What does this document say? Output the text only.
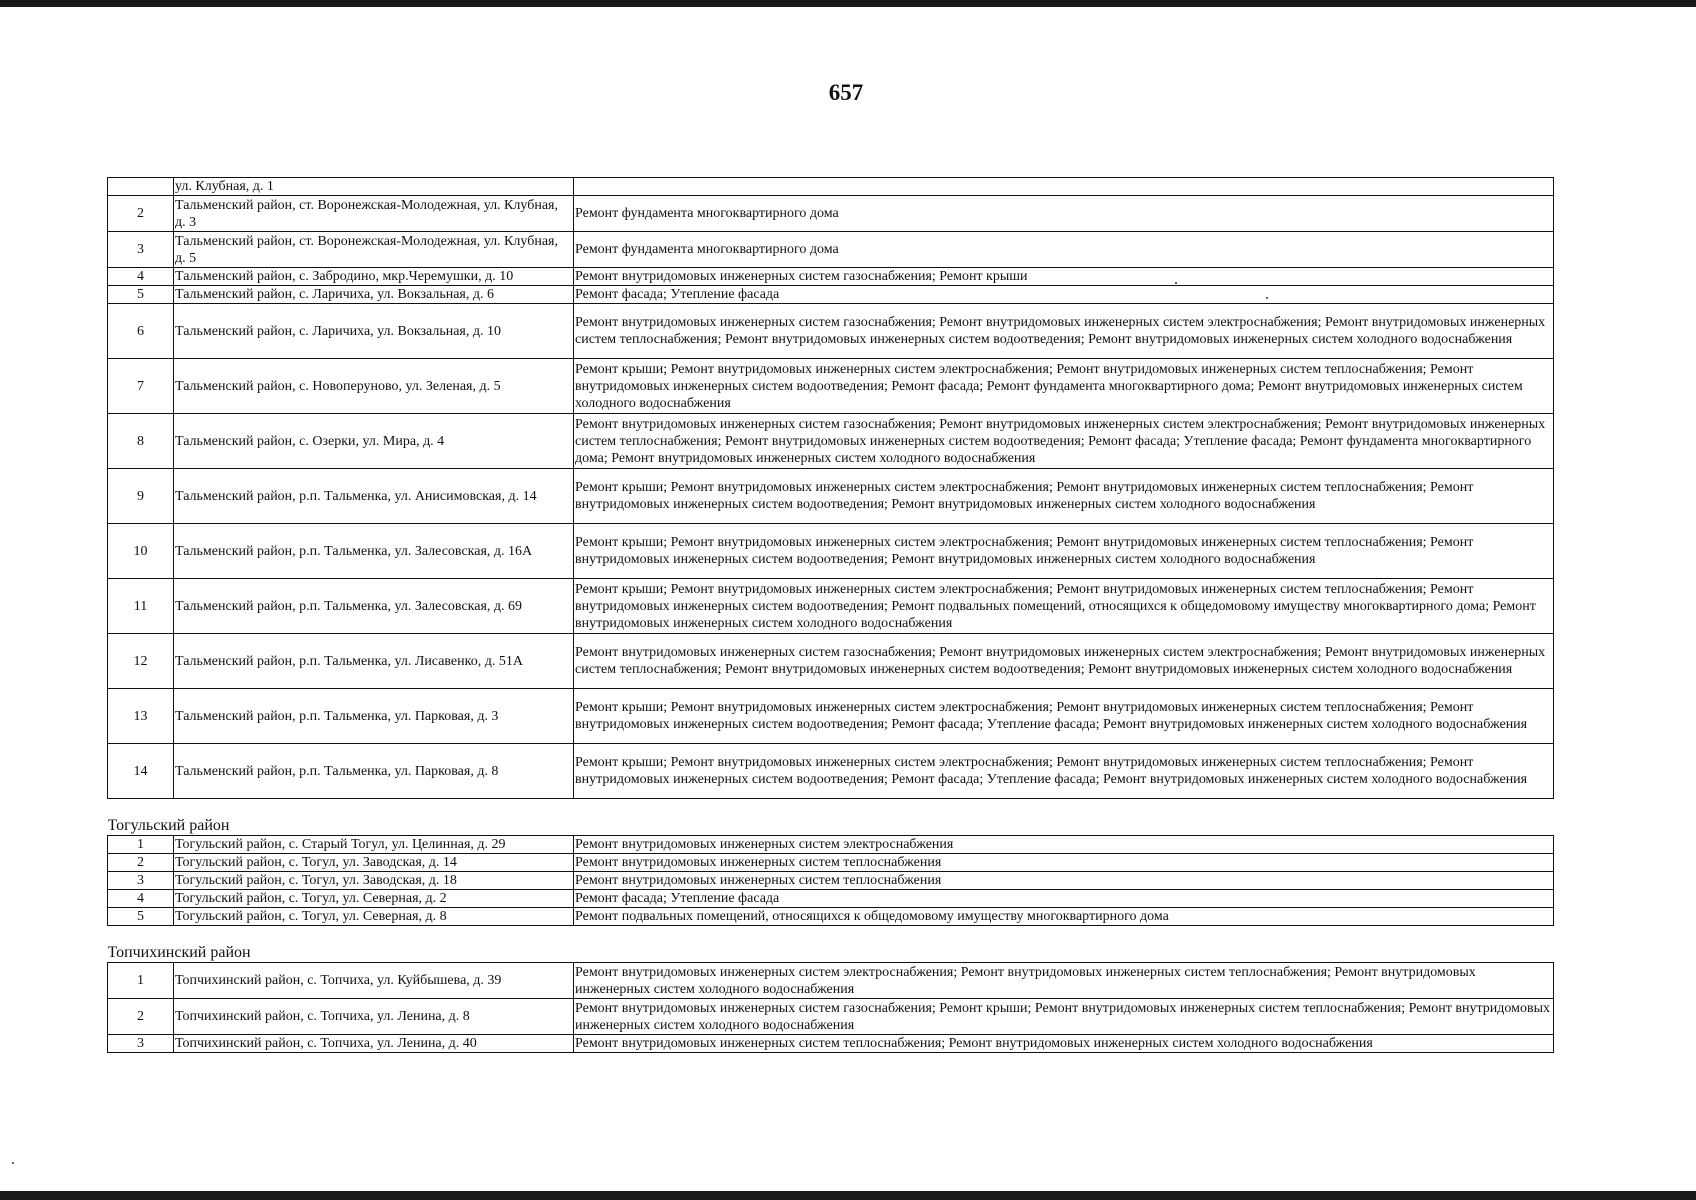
657
	ул. Клубная, д. 1	
2	Тальменский район, ст. Воронежская-Молодежная, ул. Клубная, д. 3	Ремонт фундамента многоквартирного дома
3	Тальменский район, ст. Воронежская-Молодежная, ул. Клубная, д. 5	Ремонт фундамента многоквартирного дома
4	Тальменский район, с. Забродино, мкр.Черемушки, д. 10	Ремонт внутридомовых инженерных систем газоснабжения; Ремонт крыши
5	Тальменский район, с. Ларичиха, ул. Вокзальная, д. 6	Ремонт фасада; Утепление фасада
6	Тальменский район, с. Ларичиха, ул. Вокзальная, д. 10	Ремонт внутридомовых инженерных систем газоснабжения; Ремонт внутридомовых инженерных систем электроснабжения; Ремонт внутридомовых инженерных систем теплоснабжения; Ремонт внутридомовых инженерных систем водоотведения; Ремонт внутридомовых инженерных систем холодного водоснабжения
7	Тальменский район, с. Новоперуново, ул. Зеленая, д. 5	Ремонт крыши; Ремонт внутридомовых инженерных систем электроснабжения; Ремонт внутридомовых инженерных систем теплоснабжения; Ремонт внутридомовых инженерных систем водоотведения; Ремонт фасада; Ремонт фундамента многоквартирного дома; Ремонт внутридомовых инженерных систем холодного водоснабжения
8	Тальменский район, с. Озерки, ул. Мира, д. 4	Ремонт внутридомовых инженерных систем газоснабжения; Ремонт внутридомовых инженерных систем электроснабжения; Ремонт внутридомовых инженерных систем теплоснабжения; Ремонт внутридомовых инженерных систем водоотведения; Ремонт фасада; Утепление фасада; Ремонт фундамента многоквартирного дома; Ремонт внутридомовых инженерных систем холодного водоснабжения
9	Тальменский район, р.п. Тальменка, ул. Анисимовская, д. 14	Ремонт крыши; Ремонт внутридомовых инженерных систем электроснабжения; Ремонт внутридомовых инженерных систем теплоснабжения; Ремонт внутридомовых инженерных систем водоотведения; Ремонт внутридомовых инженерных систем холодного водоснабжения
10	Тальменский район, р.п. Тальменка, ул. Залесовская, д. 16А	Ремонт крыши; Ремонт внутридомовых инженерных систем электроснабжения; Ремонт внутридомовых инженерных систем теплоснабжения; Ремонт внутридомовых инженерных систем водоотведения; Ремонт внутридомовых инженерных систем холодного водоснабжения
11	Тальменский район, р.п. Тальменка, ул. Залесовская, д. 69	Ремонт крыши; Ремонт внутридомовых инженерных систем электроснабжения; Ремонт внутридомовых инженерных систем теплоснабжения; Ремонт внутридомовых инженерных систем водоотведения; Ремонт подвальных помещений, относящихся к общедомовому имуществу многоквартирного дома; Ремонт внутридомовых инженерных систем холодного водоснабжения
12	Тальменский район, р.п. Тальменка, ул. Лисавенко, д. 51А	Ремонт внутридомовых инженерных систем газоснабжения; Ремонт внутридомовых инженерных систем электроснабжения; Ремонт внутридомовых инженерных систем теплоснабжения; Ремонт внутридомовых инженерных систем водоотведения; Ремонт внутридомовых инженерных систем холодного водоснабжения
13	Тальменский район, р.п. Тальменка, ул. Парковая, д. 3	Ремонт крыши; Ремонт внутридомовых инженерных систем электроснабжения; Ремонт внутридомовых инженерных систем теплоснабжения; Ремонт внутридомовых инженерных систем водоотведения; Ремонт фасада; Утепление фасада; Ремонт внутридомовых инженерных систем холодного водоснабжения
14	Тальменский район, р.п. Тальменка, ул. Парковая, д. 8	Ремонт крыши; Ремонт внутридомовых инженерных систем электроснабжения; Ремонт внутридомовых инженерных систем теплоснабжения; Ремонт внутридомовых инженерных систем водоотведения; Ремонт фасада; Утепление фасада; Ремонт внутридомовых инженерных систем холодного водоснабжения
Тогульский район		
1	Тогульский район, с. Старый Тогул, ул. Целинная, д. 29	Ремонт внутридомовых инженерных систем электроснабжения
2	Тогульский район, с. Тогул, ул. Заводская, д. 14	Ремонт внутридомовых инженерных систем теплоснабжения
3	Тогульский район, с. Тогул, ул. Заводская, д. 18	Ремонт внутридомовых инженерных систем теплоснабжения
4	Тогульский район, с. Тогул, ул. Северная, д. 2	Ремонт фасада; Утепление фасада
5	Тогульский район, с. Тогул, ул. Северная, д. 8	Ремонт подвальных помещений, относящихся к общедомовому имуществу многоквартирного дома
Топчихинский район		
1	Топчихинский район, с. Топчиха, ул. Куйбышева, д. 39	Ремонт внутридомовых инженерных систем электроснабжения; Ремонт внутридомовых инженерных систем теплоснабжения; Ремонт внутридомовых инженерных систем холодного водоснабжения
2	Топчихинский район, с. Топчиха, ул. Ленина, д. 8	Ремонт внутридомовых инженерных систем газоснабжения; Ремонт крыши; Ремонт внутридомовых инженерных систем теплоснабжения; Ремонт внутридомовых инженерных систем холодного водоснабжения
3	Топчихинский район, с. Топчиха, ул. Ленина, д. 40	Ремонт внутридомовых инженерных систем теплоснабжения; Ремонт внутридомовых инженерных систем холодного водоснабжения
